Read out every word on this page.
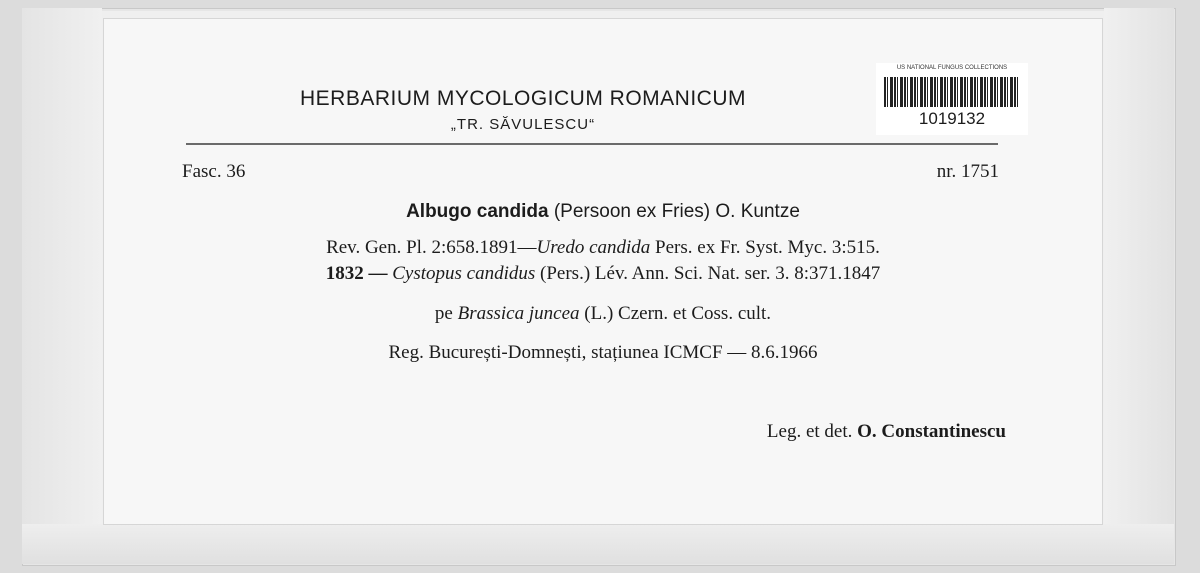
HERBARIUM MYCOLOGICUM ROMANICUM
„TR. SĂVULESCU“
US NATIONAL FUNGUS COLLECTIONS
1019132
Fasc. 36	nr. 1751
Albugo candida (Persoon ex Fries) O. Kuntze
Rev. Gen. Pl. 2:658.1891—Uredo candida Pers. ex Fr. Syst. Myc. 3:515.
1832 — Cystopus candidus (Pers.) Lév. Ann. Sci. Nat. ser. 3. 8:371.1847
pe Brassica juncea (L.) Czern. et Coss. cult.
Reg. București-Domnești, stațiunea ICMCF — 8.6.1966
Leg. et det. O. Constantinescu
